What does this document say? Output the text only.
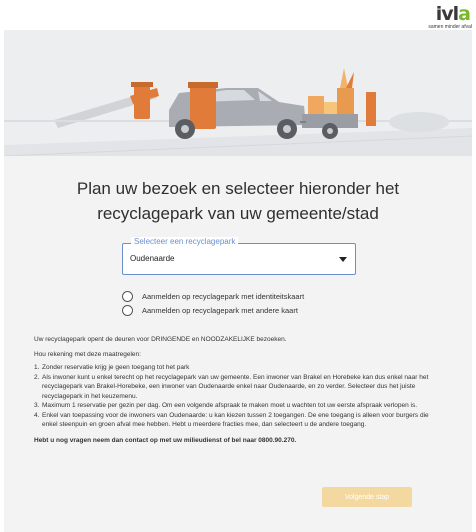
ivla
samen minder afval
Plan uw bezoek en selecteer hieronder het recyclagepark van uw gemeente/stad
Selecteer een recyclagepark
Oudenaarde
Aanmelden op recyclagepark met identiteitskaart
Aanmelden op recyclagepark met andere kaart
Uw recyclagepark opent de deuren voor DRINGENDE en NOODZAKELIJKE bezoeken.
Hou rekening met deze maatregelen:
1. Zonder reservatie krijg je geen toegang tot het park
2. Als inwoner kunt u enkel terecht op het recyclagepark van uw gemeente. Een inwoner van Brakel en Horebeke kan dus enkel naar het recyclagepark van Brakel-Horebeke, een inwoner van Oudenaarde enkel naar Oudenaarde, en zo verder. Selecteer dus het juiste recyclagepark in het keuzemenu.
3. Maximum 1 reservatie per gezin per dag. Om een volgende afspraak te maken moet u wachten tot uw eerste afspraak verlopen is.
4. Enkel van toepassing voor de inwoners van Oudenaarde: u kan kiezen tussen 2 toegangen. De ene toegang is alleen voor burgers die enkel steenpuin en groen afval mee hebben. Hebt u meerdere fracties mee, dan selecteert u de andere toegang.
Hebt u nog vragen neem dan contact op met uw milieudienst of bel naar 0800.90.270.
Volgende stap
